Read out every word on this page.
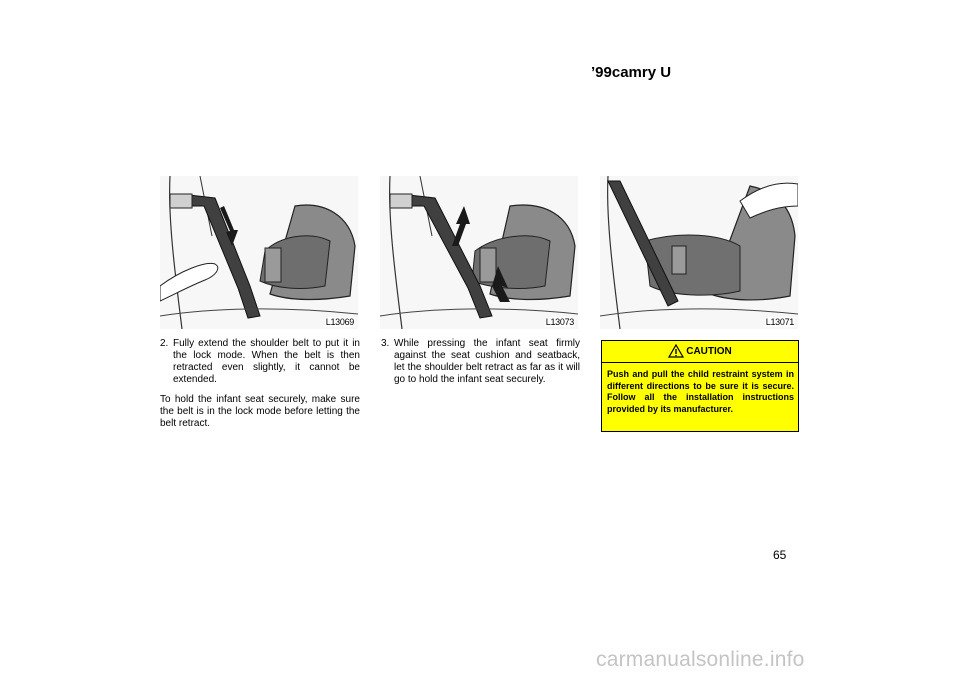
’99camry U
L13069	L13073	L13071

2. Fully extend the shoulder belt to put it in the lock mode. When the belt is then retracted even slightly, it cannot be extended.

To hold the infant seat securely, make sure the belt is in the lock mode before letting the belt retract.

3. While pressing the infant seat firmly against the seat cushion and seatback, let the shoulder belt retract as far as it will go to hold the infant seat securely.

CAUTION
Push and pull the child restraint system in different directions to be sure it is secure. Follow all the installation instructions provided by its manufacturer.
65
carmanualsonline.info
